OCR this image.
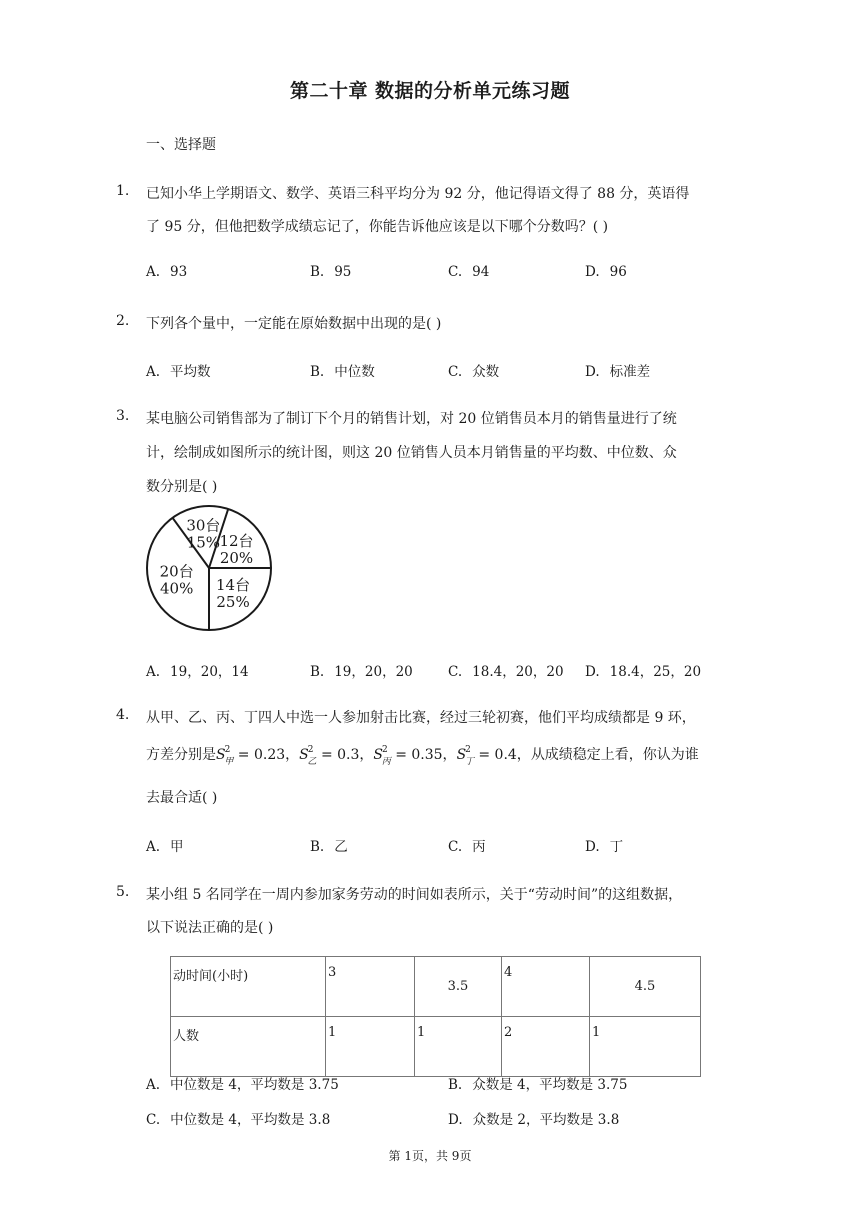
第二十章 数据的分析单元练习题
一、选择题
1. 已知小华上学期语文、数学、英语三科平均分为 92 分，他记得语文得了 88 分，英语得
了 95 分，但他把数学成绩忘记了，你能告诉他应该是以下哪个分数吗？( )
A. 93	B. 95	C. 94	D. 96
2. 下列各个量中，一定能在原始数据中出现的是( )
A. 平均数	B. 中位数	C. 众数	D. 标准差
3. 某电脑公司销售部为了制订下个月的销售计划，对 20 位销售员本月的销售量进行了统
计，绘制成如图所示的统计图，则这 20 位销售人员本月销售量的平均数、中位数、众
数分别是( )
30台
15% 12台
20%
14台
25%
20台
40%
A. 19，20，14	B. 19，20，20	C. 18.4，20，20 D. 18.4，25，20
4. 从甲、乙、丙、丁四人中选一人参加射击比赛，经过三轮初赛，他们平均成绩都是 9 环，
方差分别是$S^2_甲 = 0.23$，$S^2_乙 = 0.3$，$S^2_丙 = 0.35$，$S^2_丁 = 0.4$，从成绩稳定上看，你认为谁
去最合适( )
A. 甲	B. 乙	C. 丙	D. 丁
5. 某小组 5 名同学在一周内参加家务劳动的时间如表所示，关于“劳动时间”的这组数据，
以下说法正确的是( )
动时间(小时)	3	3.5	4	4.5
人数	1	1	2	1
A. 中位数是 4，平均数是 3.75	B. 众数是 4，平均数是 3.75
C. 中位数是 4，平均数是 3.8	D. 众数是 2，平均数是 3.8
第 1页，共 9页
